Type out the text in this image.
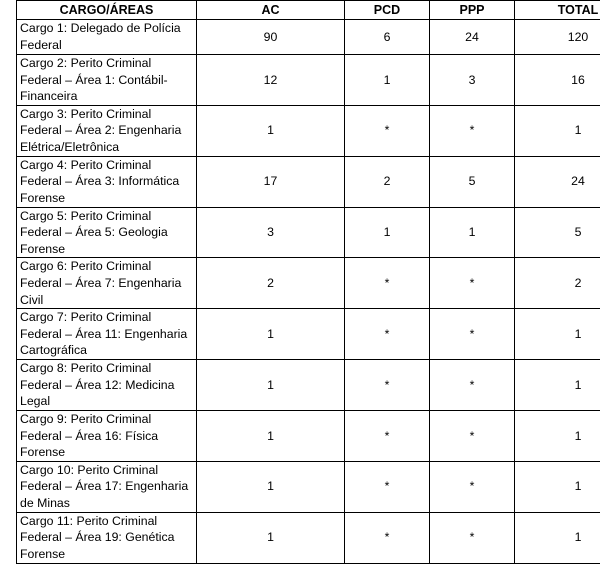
CARGO/ÁREAS	AC	PCD	PPP	TOTAL
Cargo 1: Delegado de Polícia Federal	90	6	24	120
Cargo 2: Perito Criminal Federal – Área 1: Contábil-Financeira	12	1	3	16
Cargo 3: Perito Criminal Federal – Área 2: Engenharia Elétrica/Eletrônica	1	*	*	1
Cargo 4: Perito Criminal Federal – Área 3: Informática Forense	17	2	5	24
Cargo 5: Perito Criminal Federal – Área 5: Geologia Forense	3	1	1	5
Cargo 6: Perito Criminal Federal – Área 7: Engenharia Civil	2	*	*	2
Cargo 7: Perito Criminal Federal – Área 11: Engenharia Cartográfica	1	*	*	1
Cargo 8: Perito Criminal Federal – Área 12: Medicina Legal	1	*	*	1
Cargo 9: Perito Criminal Federal – Área 16: Física Forense	1	*	*	1
Cargo 10: Perito Criminal Federal – Área 17: Engenharia de Minas	1	*	*	1
Cargo 11: Perito Criminal Federal – Área 19: Genética Forense	1	*	*	1
